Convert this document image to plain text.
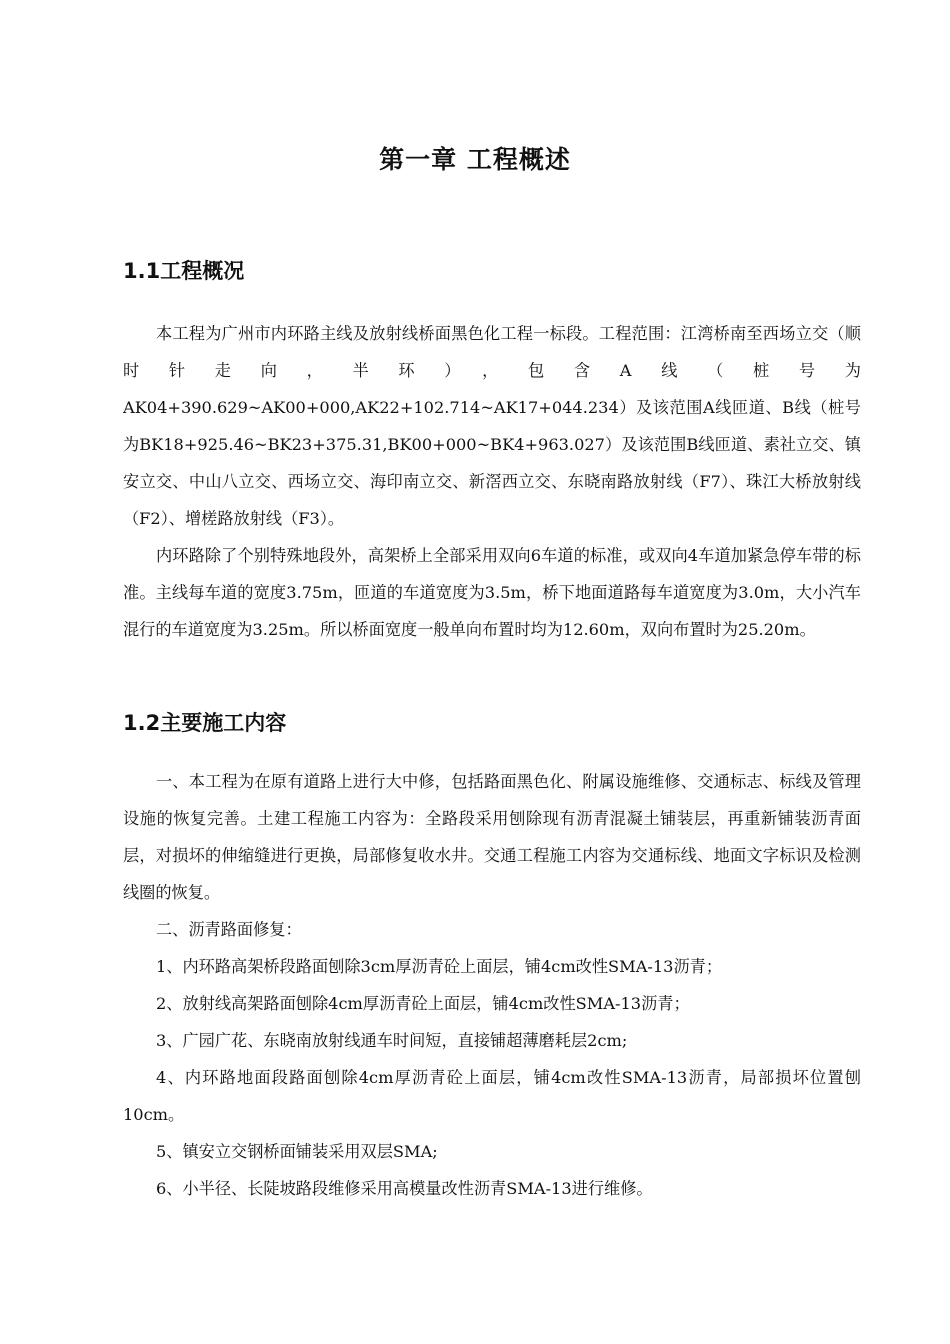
第一章 工程概述
1.1工程概况

本工程为广州市内环路主线及放射线桥面黑色化工程一标段。工程范围：江湾桥南至西场立交（顺时针走向，半环），包含A线（桩号为AK04+390.629~AK00+000,AK22+102.714~AK17+044.234）及该范围A线匝道、B线（桩号为BK18+925.46~BK23+375.31,BK00+000~BK4+963.027）及该范围B线匝道、素社立交、镇安立交、中山八立交、西场立交、海印南立交、新滘西立交、东晓南路放射线（F7）、珠江大桥放射线（F2）、增槎路放射线（F3）。

内环路除了个别特殊地段外，高架桥上全部采用双向6车道的标准，或双向4车道加紧急停车带的标准。主线每车道的宽度3.75m，匝道的车道宽度为3.5m，桥下地面道路每车道宽度为3.0m，大小汽车混行的车道宽度为3.25m。所以桥面宽度一般单向布置时均为12.60m，双向布置时为25.20m。

1.2主要施工内容

一、本工程为在原有道路上进行大中修，包括路面黑色化、附属设施维修、交通标志、标线及管理设施的恢复完善。土建工程施工内容为：全路段采用刨除现有沥青混凝土铺装层，再重新铺装沥青面层，对损坏的伸缩缝进行更换，局部修复收水井。交通工程施工内容为交通标线、地面文字标识及检测线圈的恢复。

二、沥青路面修复：

1、内环路高架桥段路面刨除3cm厚沥青砼上面层，铺4cm改性SMA-13沥青；

2、放射线高架路面刨除4cm厚沥青砼上面层，铺4cm改性SMA-13沥青；

3、广园广花、东晓南放射线通车时间短，直接铺超薄磨耗层2cm;

4、内环路地面段路面刨除4cm厚沥青砼上面层，铺4cm改性SMA-13沥青，局部损坏位置刨10cm。

5、镇安立交钢桥面铺装采用双层SMA;

6、小半径、长陡坡路段维修采用高模量改性沥青SMA-13进行维修。
